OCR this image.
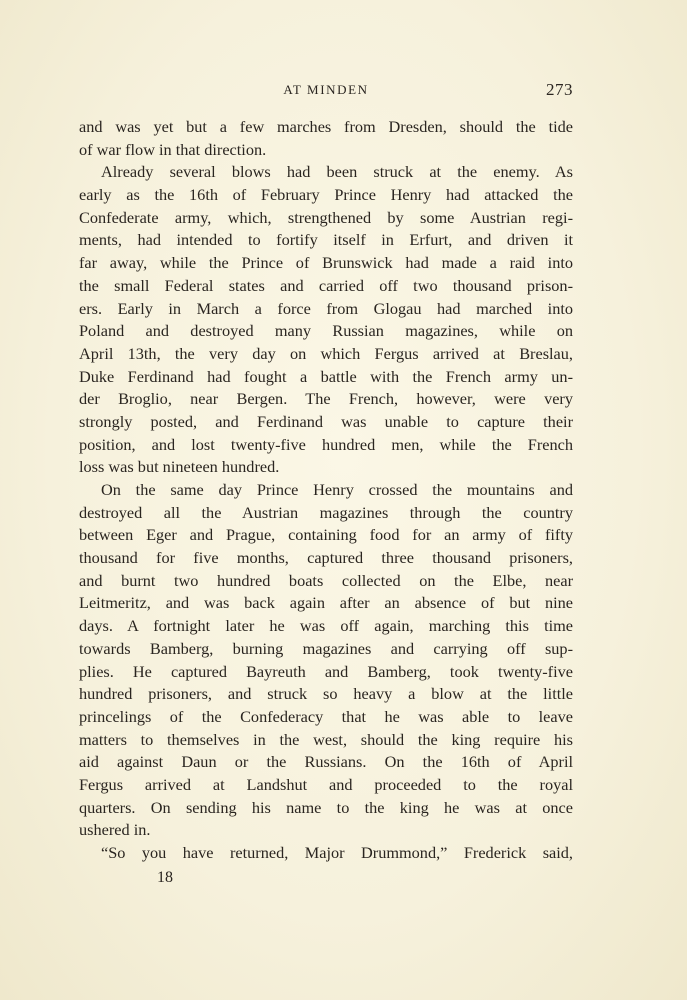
AT MINDEN	273
and was yet but a few marches from Dresden, should the tide
of war flow in that direction.
Already several blows had been struck at the enemy. As
early as the 16th of February Prince Henry had attacked the
Confederate army, which, strengthened by some Austrian regi-
ments, had intended to fortify itself in Erfurt, and driven it
far away, while the Prince of Brunswick had made a raid into
the small Federal states and carried off two thousand prison-
ers. Early in March a force from Glogau had marched into
Poland and destroyed many Russian magazines, while on
April 13th, the very day on which Fergus arrived at Breslau,
Duke Ferdinand had fought a battle with the French army un-
der Broglio, near Bergen. The French, however, were very
strongly posted, and Ferdinand was unable to capture their
position, and lost twenty-five hundred men, while the French
loss was but nineteen hundred.
On the same day Prince Henry crossed the mountains and
destroyed all the Austrian magazines through the country
between Eger and Prague, containing food for an army of fifty
thousand for five months, captured three thousand prisoners,
and burnt two hundred boats collected on the Elbe, near
Leitmeritz, and was back again after an absence of but nine
days. A fortnight later he was off again, marching this time
towards Bamberg, burning magazines and carrying off sup-
plies. He captured Bayreuth and Bamberg, took twenty-five
hundred prisoners, and struck so heavy a blow at the little
princelings of the Confederacy that he was able to leave
matters to themselves in the west, should the king require his
aid against Daun or the Russians. On the 16th of April
Fergus arrived at Landshut and proceeded to the royal
quarters. On sending his name to the king he was at once
ushered in.
“So you have returned, Major Drummond,” Frederick said,
18
